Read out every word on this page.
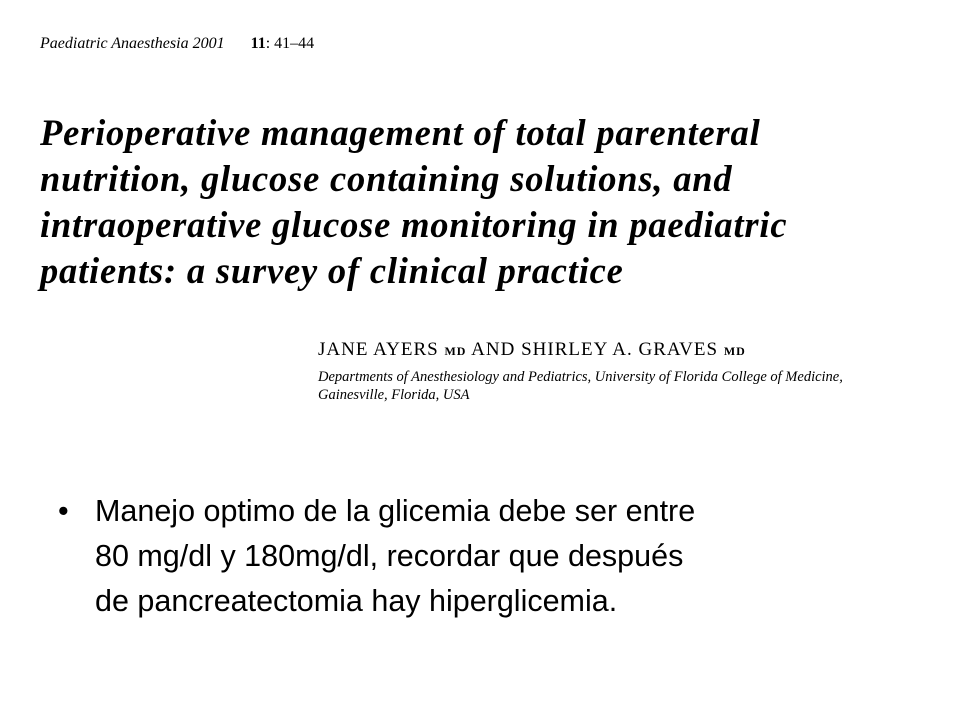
Paediatric Anaesthesia 2001 11: 41–44
Perioperative management of total parenteral
nutrition, glucose containing solutions, and
intraoperative glucose monitoring in paediatric
patients: a survey of clinical practice
JANE AYERS MD AND SHIRLEY A. GRAVES MD
Departments of Anesthesiology and Pediatrics, University of Florida College of Medicine,
Gainesville, Florida, USA
• Manejo optimo de la glicemia debe ser entre
80 mg/dl y 180mg/dl, recordar que después
de pancreatectomia hay hiperglicemia.
